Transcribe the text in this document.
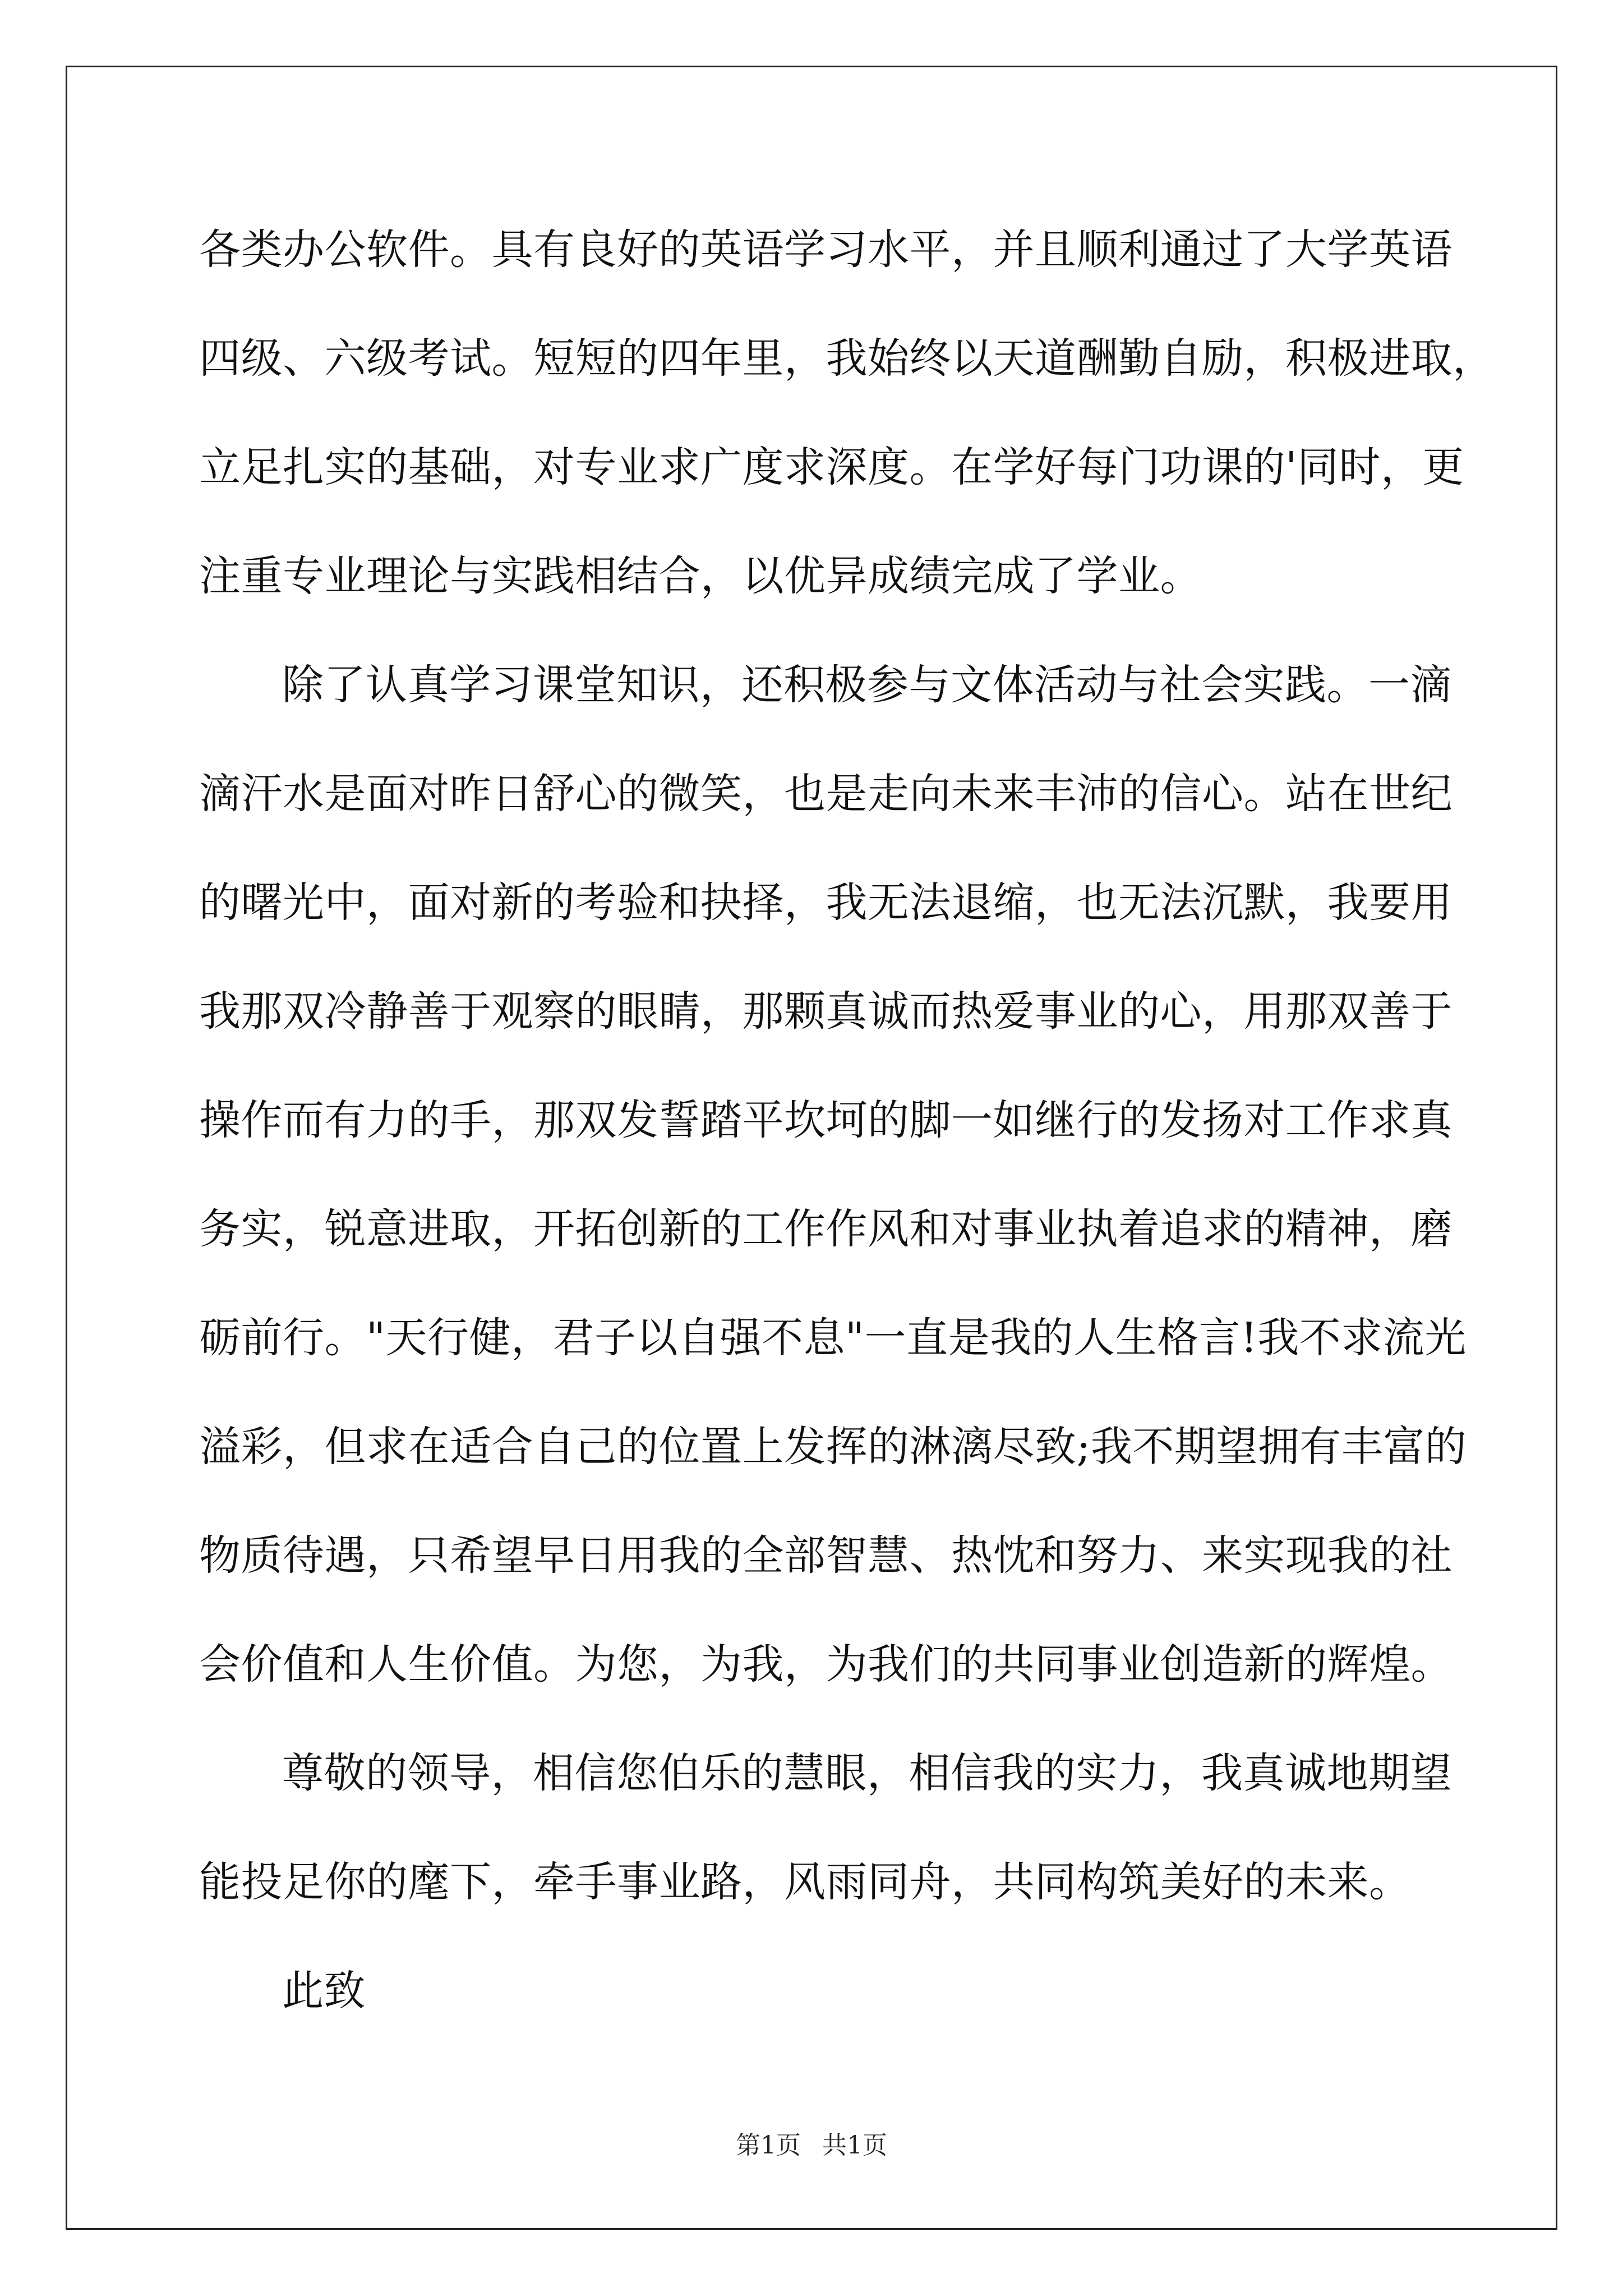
各类办公软件。具有良好的英语学习水平，并且顺利通过了大学英语
四级、六级考试。短短的四年里，我始终以天道酬勤自励，积极进取，
立足扎实的基础，对专业求广度求深度。在学好每门功课的'同时，更
注重专业理论与实践相结合，以优异成绩完成了学业。
除了认真学习课堂知识，还积极参与文体活动与社会实践。一滴
滴汗水是面对昨日舒心的微笑，也是走向未来丰沛的信心。站在世纪
的曙光中，面对新的考验和抉择，我无法退缩，也无法沉默，我要用
我那双冷静善于观察的眼睛，那颗真诚而热爱事业的心，用那双善于
操作而有力的手，那双发誓踏平坎坷的脚一如继行的发扬对工作求真
务实，锐意进取，开拓创新的工作作风和对事业执着追求的精神，磨
砺前行。"天行健，君子以自强不息"一直是我的人生格言!我不求流光
溢彩，但求在适合自己的位置上发挥的淋漓尽致;我不期望拥有丰富的
物质待遇，只希望早日用我的全部智慧、热忱和努力、来实现我的社
会价值和人生价值。为您，为我，为我们的共同事业创造新的辉煌。
尊敬的领导，相信您伯乐的慧眼，相信我的实力，我真诚地期望
能投足你的麾下，牵手事业路，风雨同舟，共同构筑美好的未来。
此致
第1页 共1页
